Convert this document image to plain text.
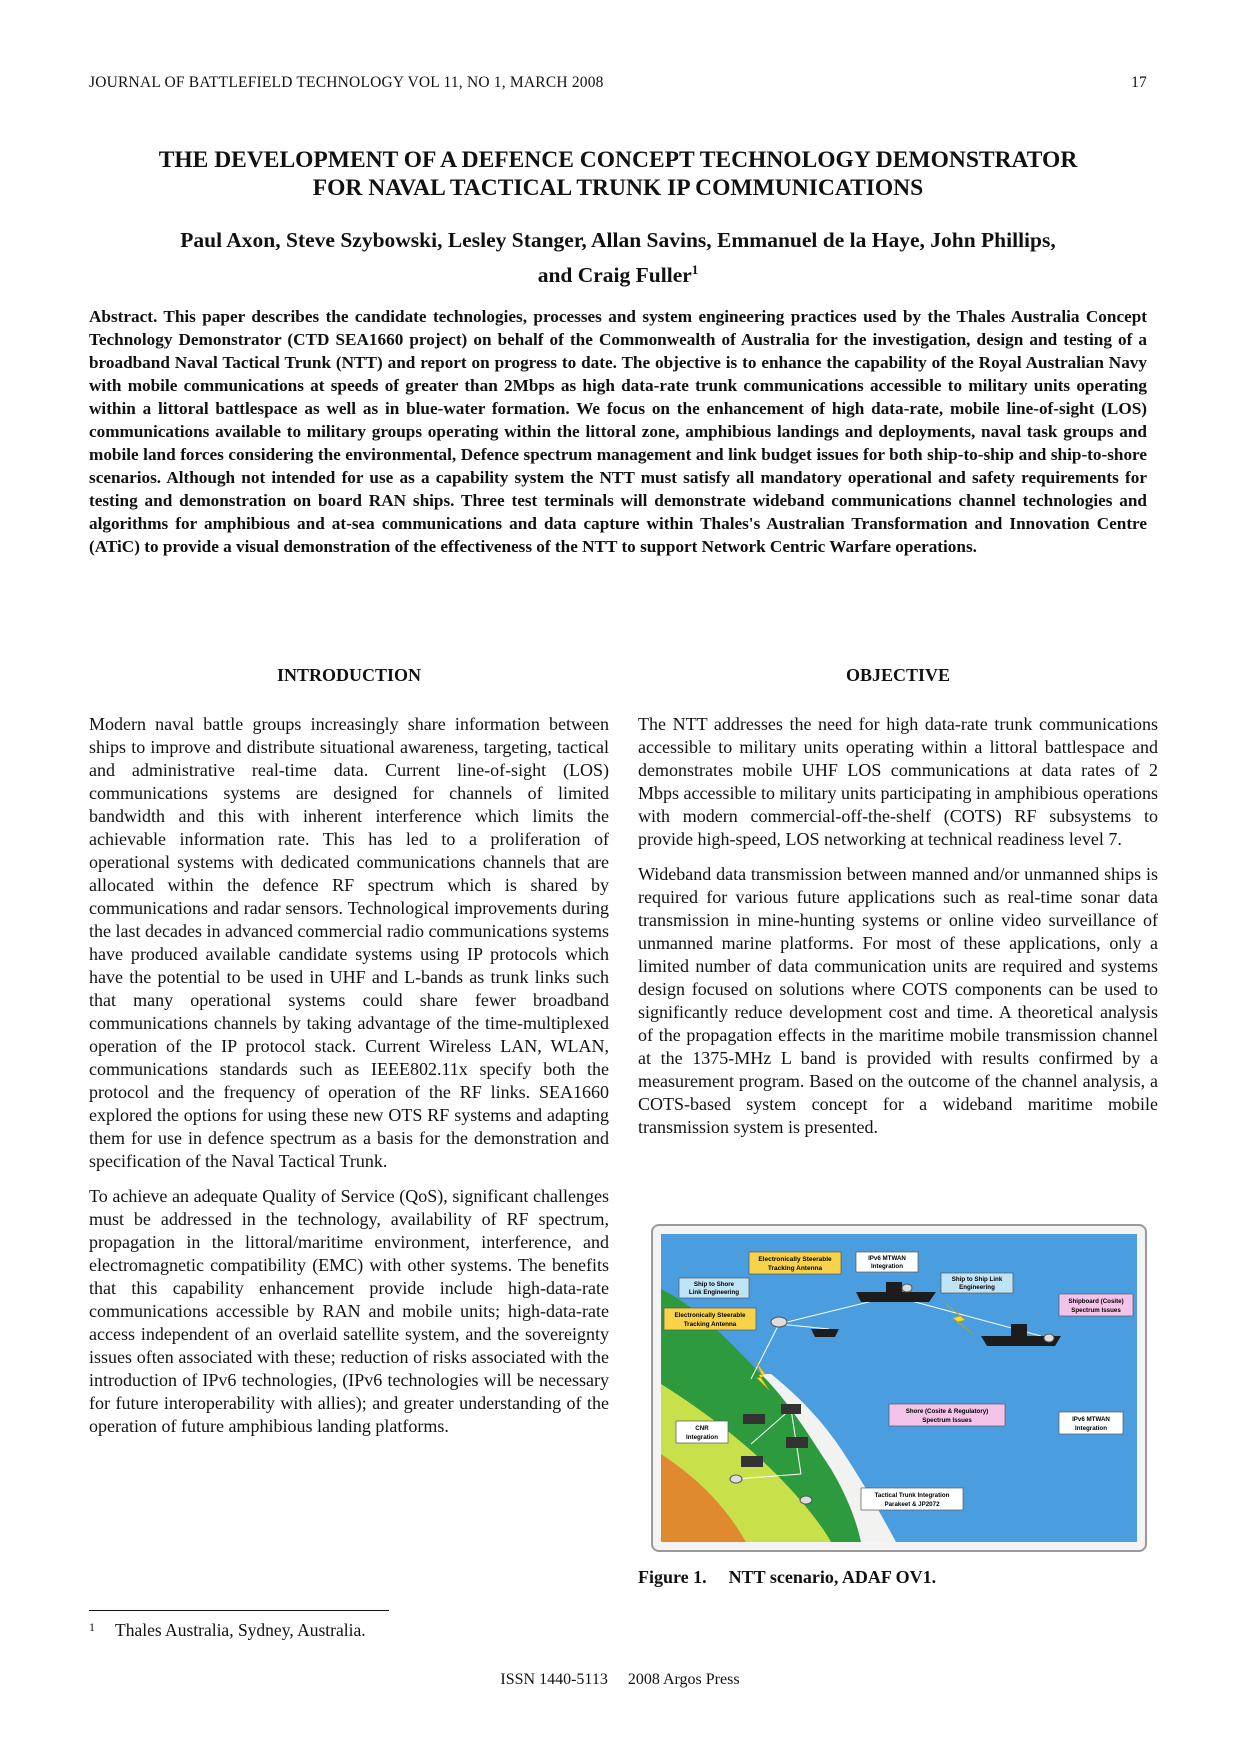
JOURNAL OF BATTLEFIELD TECHNOLOGY VOL 11, NO 1, MARCH 2008	17
THE DEVELOPMENT OF A DEFENCE CONCEPT TECHNOLOGY DEMONSTRATOR
FOR NAVAL TACTICAL TRUNK IP COMMUNICATIONS
Paul Axon, Steve Szybowski, Lesley Stanger, Allan Savins, Emmanuel de la Haye, John Phillips,
and Craig Fuller$^1$
Abstract. This paper describes the candidate technologies, processes and system engineering practices used by the Thales Australia Concept Technology Demonstrator (CTD SEA1660 project) on behalf of the Commonwealth of Australia for the investigation, design and testing of a broadband Naval Tactical Trunk (NTT) and report on progress to date. The objective is to enhance the capability of the Royal Australian Navy with mobile communications at speeds of greater than 2Mbps as high data-rate trunk communications accessible to military units operating within a littoral battlespace as well as in blue-water formation. We focus on the enhancement of high data-rate, mobile line-of-sight (LOS) communications available to military groups operating within the littoral zone, amphibious landings and deployments, naval task groups and mobile land forces considering the environmental, Defence spectrum management and link budget issues for both ship-to-ship and ship-to-shore scenarios. Although not intended for use as a capability system the NTT must satisfy all mandatory operational and safety requirements for testing and demonstration on board RAN ships. Three test terminals will demonstrate wideband communications channel technologies and algorithms for amphibious and at-sea communications and data capture within Thales's Australian Transformation and Innovation Centre (ATiC) to provide a visual demonstration of the effectiveness of the NTT to support Network Centric Warfare operations.
INTRODUCTION	OBJECTIVE

Modern naval battle groups increasingly share information between ships to improve and distribute situational awareness, targeting, tactical and administrative real-time data. Current line-of-sight (LOS) communications systems are designed for channels of limited bandwidth and this with inherent interference which limits the achievable information rate. This has led to a proliferation of operational systems with dedicated communications channels that are allocated within the defence RF spectrum which is shared by communications and radar sensors. Technological improvements during the last decades in advanced commercial radio communications systems have produced available candidate systems using IP protocols which have the potential to be used in UHF and L-bands as trunk links such that many operational systems could share fewer broadband communications channels by taking advantage of the time-multiplexed operation of the IP protocol stack. Current Wireless LAN, WLAN, communications standards such as IEEE802.11x specify both the protocol and the frequency of operation of the RF links. SEA1660 explored the options for using these new OTS RF systems and adapting them for use in defence spectrum as a basis for the demonstration and specification of the Naval Tactical Trunk.

To achieve an adequate Quality of Service (QoS), significant challenges must be addressed in the technology, availability of RF spectrum, propagation in the littoral/maritime environment, interference, and electromagnetic compatibility (EMC) with other systems. The benefits that this capability enhancement provide include high-data-rate communications accessible by RAN and mobile units; high-data-rate access independent of an overlaid satellite system, and the sovereignty issues often associated with these; reduction of risks associated with the introduction of IPv6 technologies, (IPv6 technologies will be necessary for future interoperability with allies); and greater understanding of the operation of future amphibious landing platforms.

The NTT addresses the need for high data-rate trunk communications accessible to military units operating within a littoral battlespace and demonstrates mobile UHF LOS communications at data rates of 2 Mbps accessible to military units participating in amphibious operations with modern commercial-off-the-shelf (COTS) RF subsystems to provide high-speed, LOS networking at technical readiness level 7.

Wideband data transmission between manned and/or unmanned ships is required for various future applications such as real-time sonar data transmission in mine-hunting systems or online video surveillance of unmanned marine platforms. For most of these applications, only a limited number of data communication units are required and systems design focused on solutions where COTS components can be used to significantly reduce development cost and time. A theoretical analysis of the propagation effects in the maritime mobile transmission channel at the 1375-MHz L band is provided with results confirmed by a measurement program. Based on the outcome of the channel analysis, a COTS-based system concept for a wideband maritime mobile transmission system is presented.

Electronically Steerable
Tracking Antenna
IPv6 MTWAN
Integration
Ship to Shore
Link Engineering
Ship to Ship Link
Engineering
Electronically Steerable
Tracking Antenna
Shipboard (Cosite)
Spectrum Issues
Shore (Cosite & Regulatory)
Spectrum Issues
CNR
Integration
IPv6 MTWAN
Integration
Tactical Trunk Integration
Parakeet & JP2072
Figure 1. NTT scenario, ADAF OV1.
$^1$ Thales Australia, Sydney, Australia.
ISSN 1440-5113 2008 Argos Press
